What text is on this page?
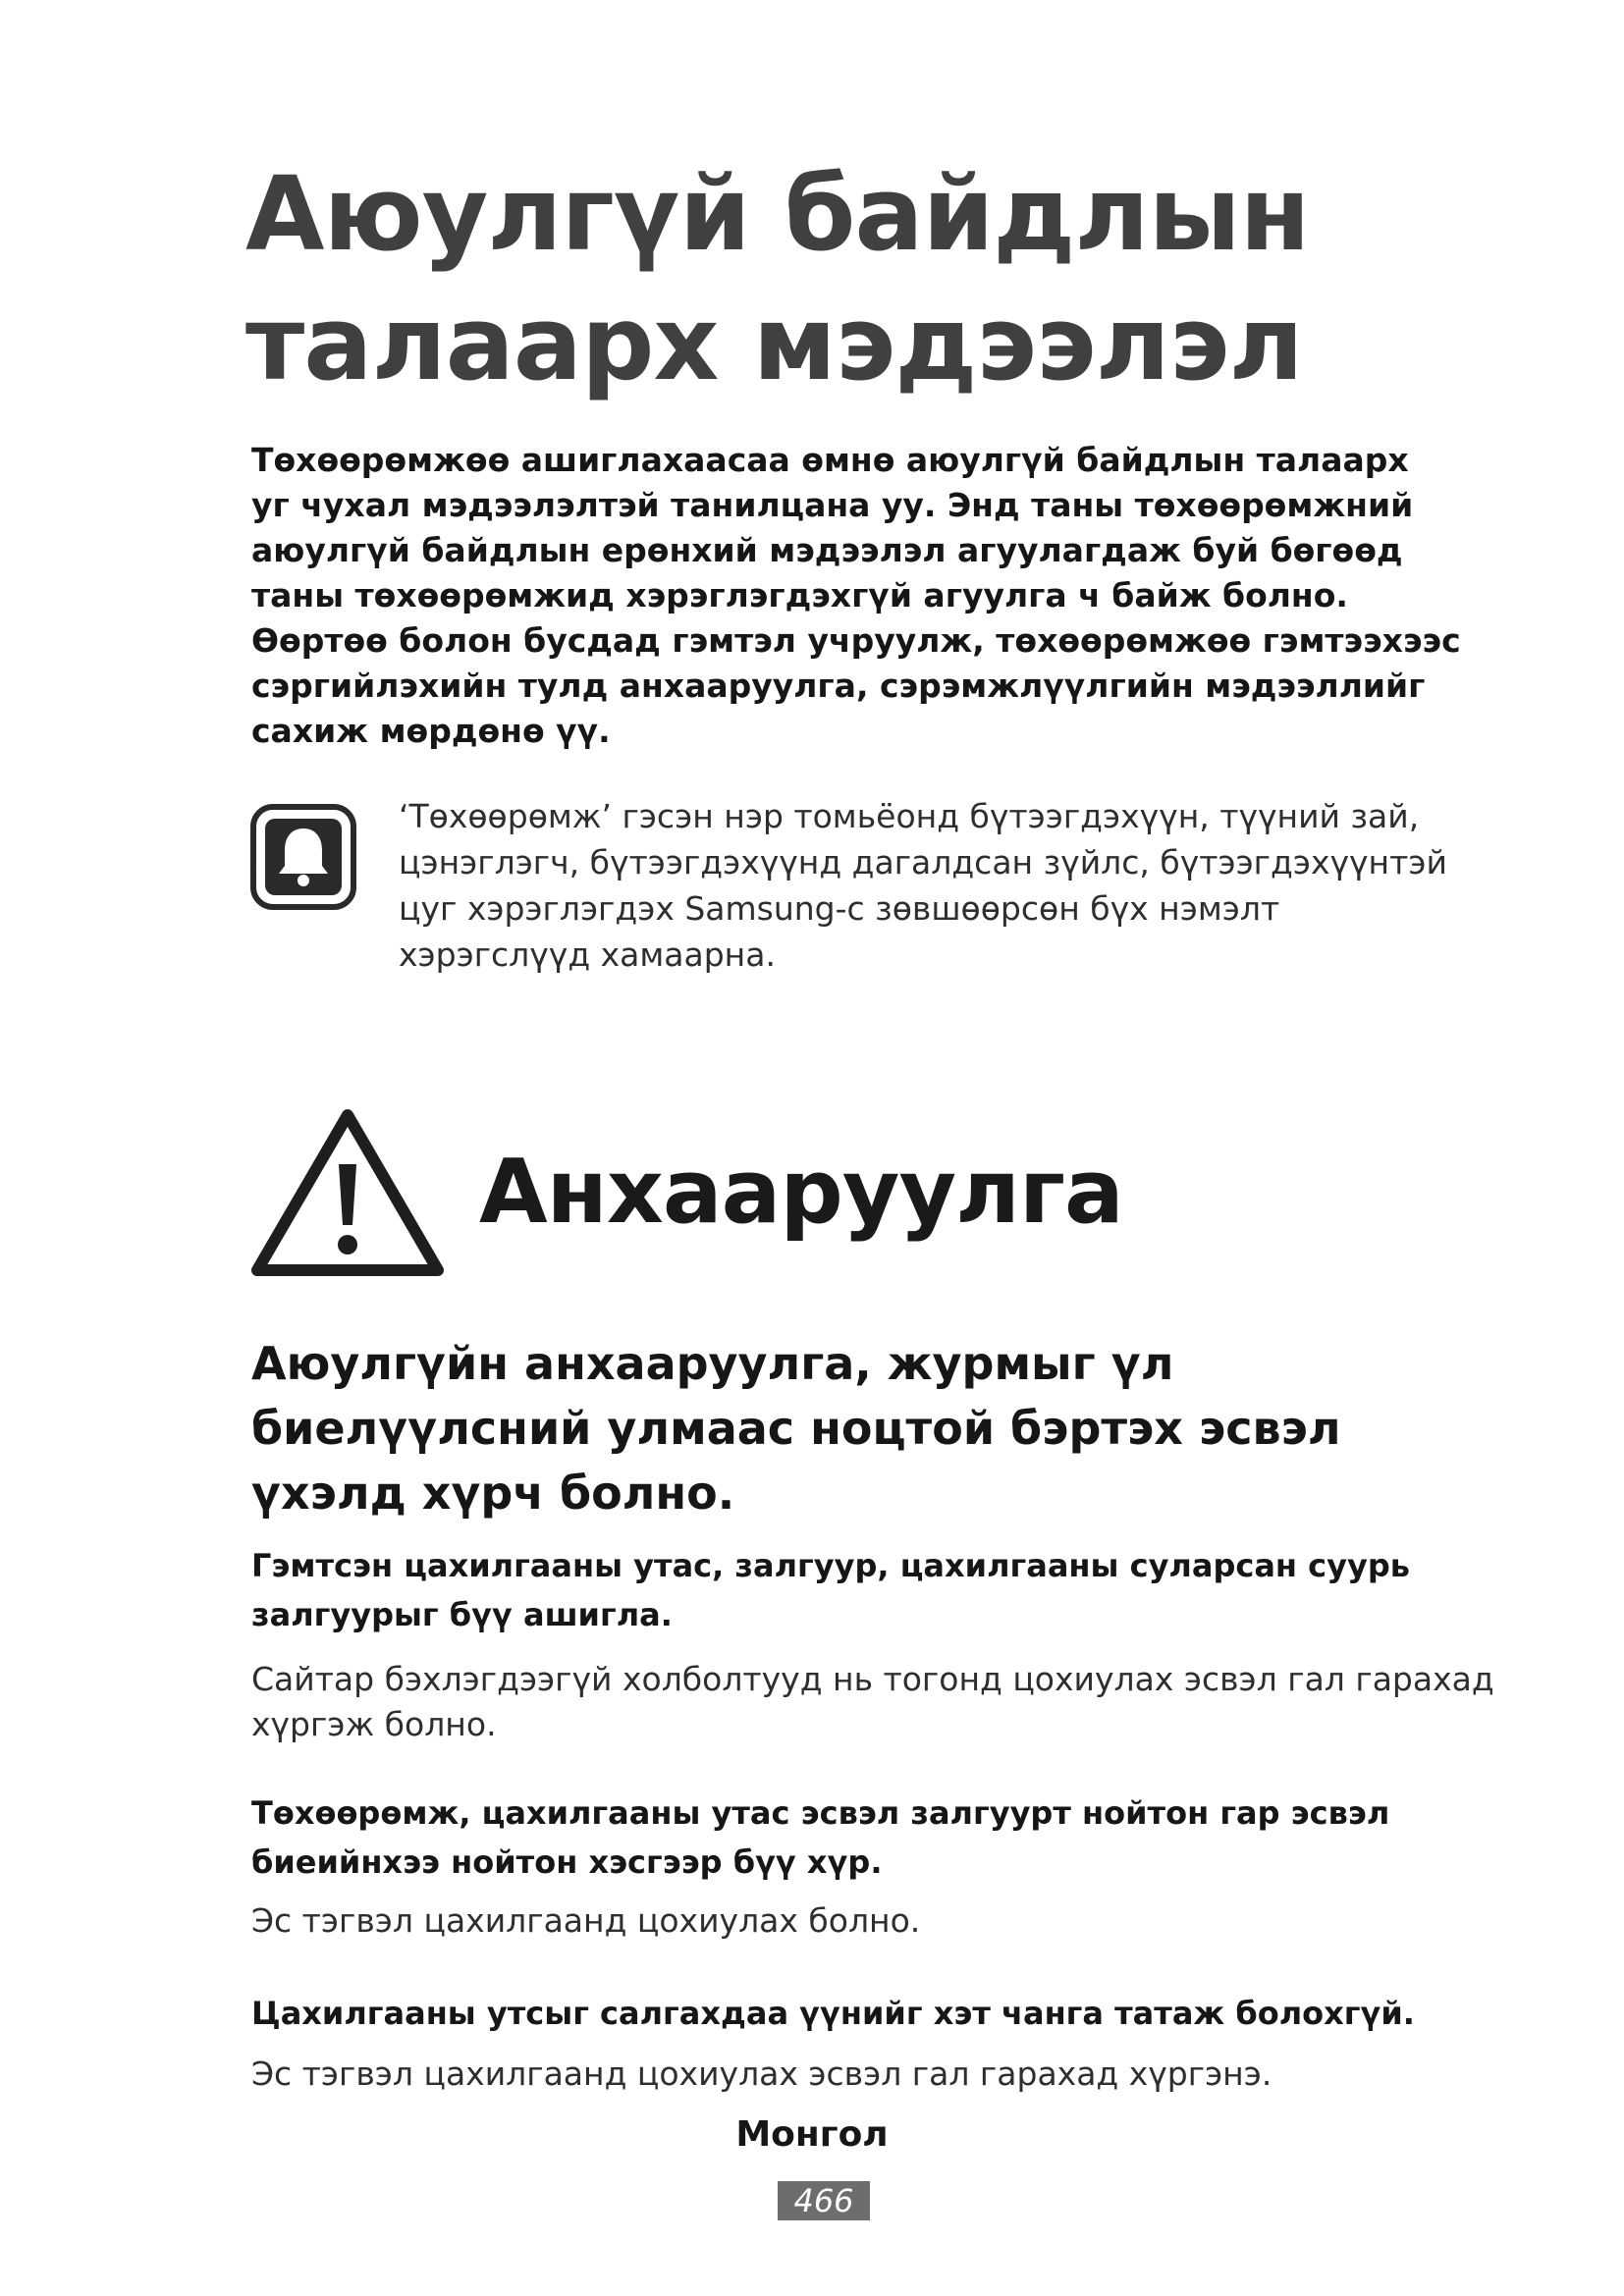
Аюулгүй байдлын
талаарх мэдээлэл

Төхөөрөмжөө ашиглахаасаа өмнө аюулгүй байдлын талаарх
уг чухал мэдээлэлтэй танилцана уу. Энд таны төхөөрөмжний
аюулгүй байдлын ерөнхий мэдээлэл агуулагдаж буй бөгөөд
таны төхөөрөмжид хэрэглэгдэхгүй агуулга ч байж болно.
Өөртөө болон бусдад гэмтэл учруулж, төхөөрөмжөө гэмтээхээс
сэргийлэхийн тулд анхааруулга, сэрэмжлүүлгийн мэдээллийг
сахиж мөрдөнө үү.

‘Төхөөрөмж’ гэсэн нэр томьёонд бүтээгдэхүүн, түүний зай,
цэнэглэгч, бүтээгдэхүүнд дагалдсан зүйлс, бүтээгдэхүүнтэй
цуг хэрэглэгдэх Samsung-с зөвшөөрсөн бүх нэмэлт
хэрэгслүүд хамаарна.

Анхааруулга
Аюулгүйн анхааруулга, журмыг үл
биелүүлсний улмаас ноцтой бэртэх эсвэл
үхэлд хүрч болно.

Гэмтсэн цахилгааны утас, залгуур, цахилгааны суларсан суурь
залгуурыг бүү ашигла.

Сайтар бэхлэгдээгүй холболтууд нь тогонд цохиулах эсвэл гал гарахад
хүргэж болно.

Төхөөрөмж, цахилгааны утас эсвэл залгуурт нойтон гар эсвэл
биеийнхээ нойтон хэсгээр бүү хүр.

Эс тэгвэл цахилгаанд цохиулах болно.

Цахилгааны утсыг салгахдаа үүнийг хэт чанга татаж болохгүй.

Эс тэгвэл цахилгаанд цохиулах эсвэл гал гарахад хүргэнэ.

Монгол

466
